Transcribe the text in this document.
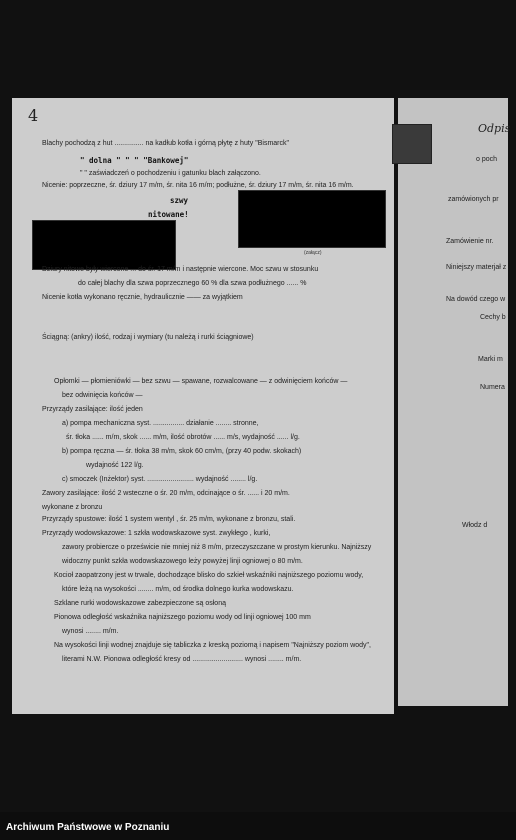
4
(załącz)
Blachy pochodzą z hut ............... na kadłub kotła i górną płytę z huty "Bismarck"
" dolna " " " "Bankowej"
" " zaświadczeń o pochodzeniu i gatunku blach załączono.
Nicenie: poprzeczne, śr. dziury 17 m/m, śr. nita 16 m/m; podłużne, śr. dziury 17 m/m, śr. nita 16 m/m.
szwy
nitowane!
Dziury nitowe były wiercone ... do śr. 17 m/m i następnie wiercone. Moc szwu w stosunku
do całej blachy dla szwa poprzecznego 60 % dla szwa podłużnego ...... %
Nicenie kotła wykonano ręcznie, hydraulicznie —— za wyjątkiem
Ściągną: (ankry) ilość, rodzaj i wymiary (tu należą i rurki ściągniowe)
Opłomki — płomieniówki — bez szwu — spawane, rozwalcowane — z odwinięciem końców —
bez odwinięcia końców —
Przyrządy zasilające: ilość jeden
a) pompa mechaniczna syst. ................ działanie ........ stronne,
śr. tłoka ...... m/m, skok ...... m/m, ilość obrotów ...... m/s, wydajność ...... l/g.
b) pompa ręczna — śr. tłoka 38 m/m, skok 60 cm/m, (przy 40 podw. skokach)
wydajność 122 l/g.
c) smoczek (Inżektor) syst. ........................ wydajność ........ l/g.
Zawory zasilające: ilość 2 wsteczne o śr. 20 m/m, odcinające o śr. ...... i 20 m/m.
wykonane z bronzu
Przyrządy spustowe: ilość 1 system wentyl , śr. 25 m/m, wykonane z bronzu, stali.
Przyrządy wodowskazowe: 1 szkła wodowskazowe syst. zwykłego , kurki,
zawory probiercze o prześwicie nie mniej niż 8 m/m, przeczyszczane w prostym kierunku. Najniższy
widoczny punkt szkła wodowskazowego leży powyżej linji ogniowej o 80 m/m.
Kocioł zaopatrzony jest w trwale, dochodzące blisko do szkieł wskaźniki najniższego poziomu wody,
które leżą na wysokości ........ m/m, od środka dolnego kurka wodowskazu.
Szklane rurki wodowskazowe zabezpieczone są osłoną
Pionowa odległość wskaźnika najniższego poziomu wody od linji ogniowej 100 mm
wynosi ........ m/m.
Na wysokości linji wodnej znajduje się tabliczka z kreską poziomą i napisem "Najniższy poziom wody",
literami N.W. Pionowa odległość kresy od .......................... wynosi ........ m/m.
Odpis
o poch
zamówionych pr
Zamówienie nr.
Niniejszy materjał z
Na dowód czego w
Cechy b
Marki m
Numera
Włodz d
Archiwum Państwowe w Poznaniu
